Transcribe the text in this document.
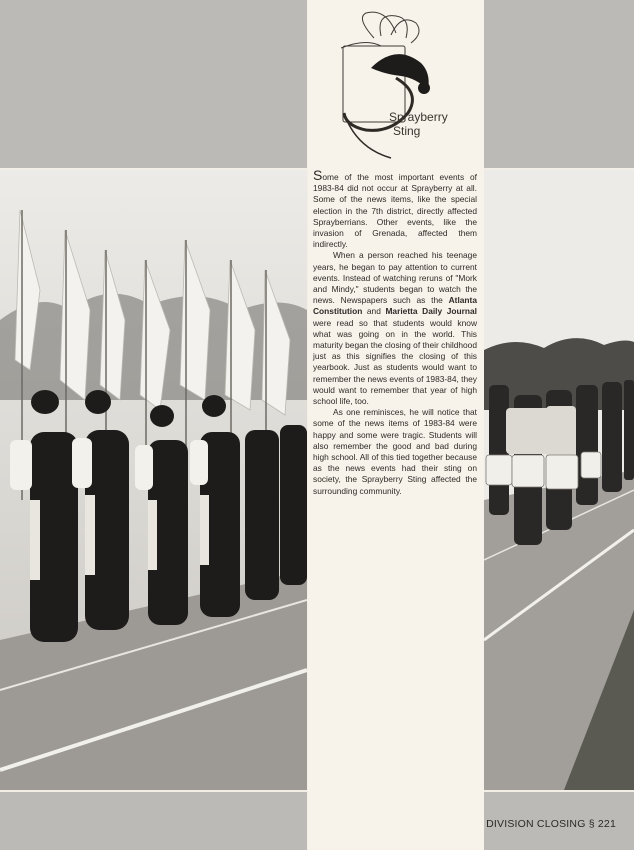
Sprayberry
Sting

Some of the most important events of 1983-84 did not occur at Sprayberry at all. Some of the news items, like the special election in the 7th district, directly affected Sprayberrians. Other events, like the invasion of Grenada, affected them indirectly.

When a person reached his teenage years, he began to pay attention to current events. Instead of watching reruns of "Mork and Mindy," students began to watch the news. Newspapers such as the Atlanta Constitution and Marietta Daily Journal were read so that students would know what was going on in the world. This maturity began the closing of their childhood just as this signifies the closing of this yearbook. Just as students would want to remember the news events of 1983-84, they would want to remember that year of high school life, too.

As one reminisces, he will notice that some of the news items of 1983-84 were happy and some were tragic. Students will also remember the good and bad during high school. All of this tied together because as the news events had their sting on society, the Sprayberry Sting affected the surrounding community.

DIVISION CLOSING § 221
